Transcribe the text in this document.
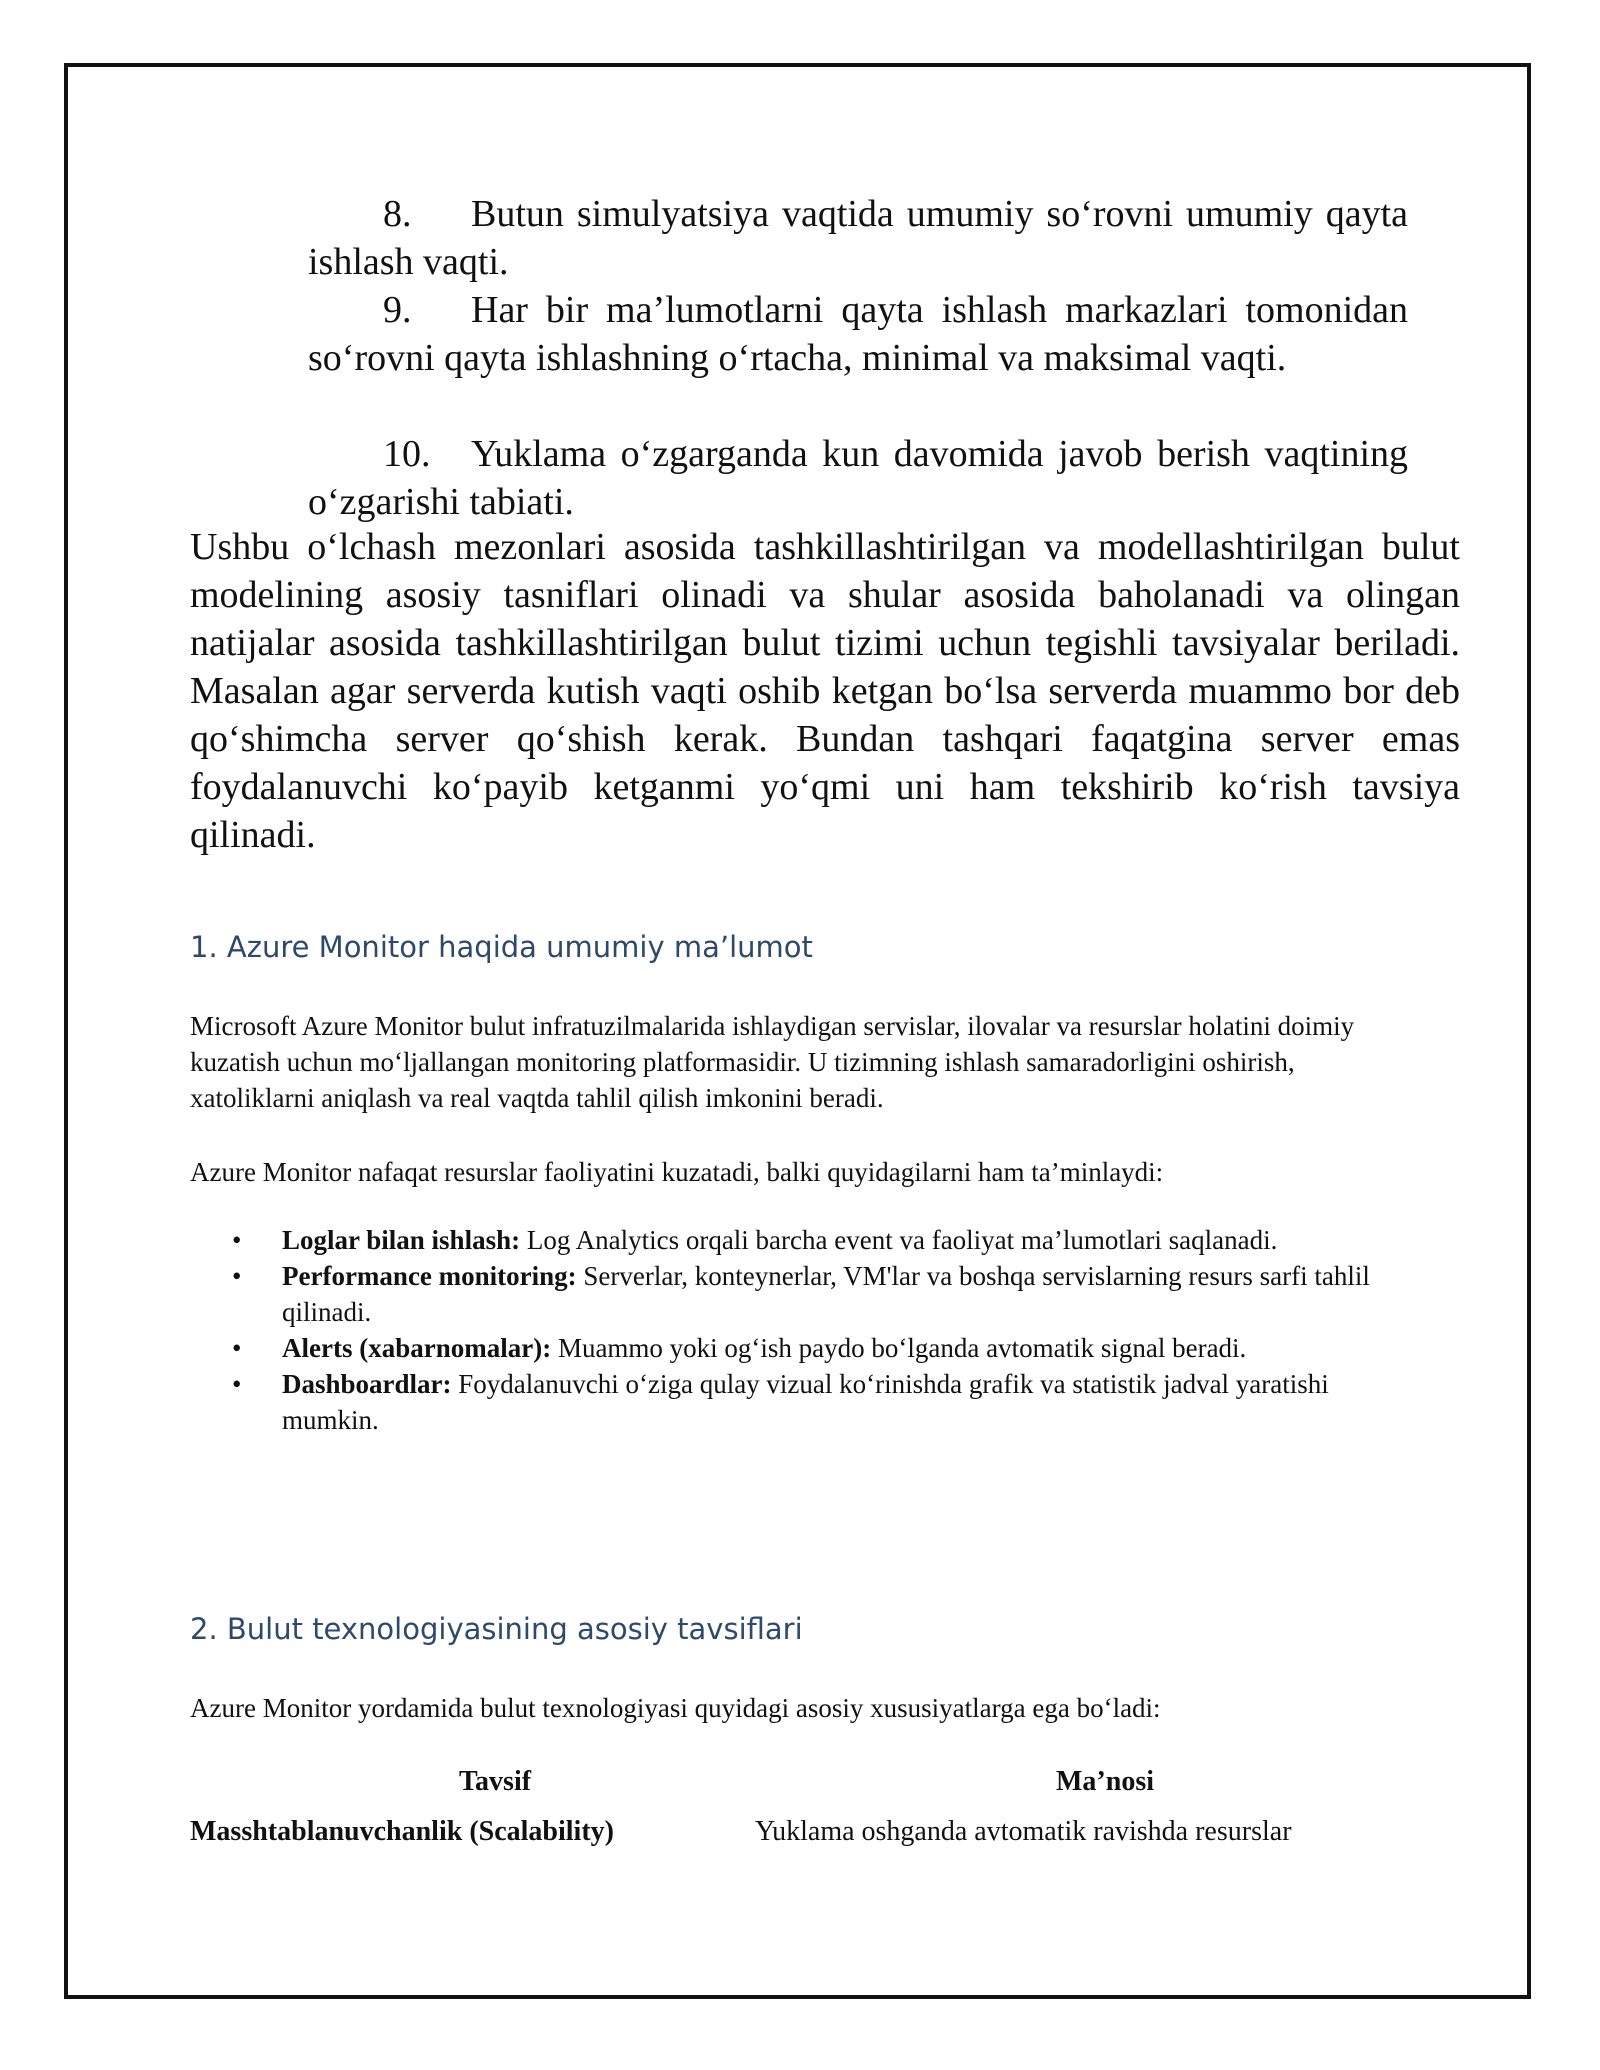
8. Butun simulyatsiya vaqtida umumiy so‘rovni umumiy qayta ishlash vaqti.
9. Har bir ma’lumotlarni qayta ishlash markazlari tomonidan so‘rovni qayta ishlashning o‘rtacha, minimal va maksimal vaqti.
10. Yuklama o‘zgarganda kun davomida javob berish vaqtining o‘zgarishi tabiati.
Ushbu o‘lchash mezonlari asosida tashkillashtirilgan va modellashtirilgan bulut modelining asosiy tasniflari olinadi va shular asosida baholanadi va olingan natijalar asosida tashkillashtirilgan bulut tizimi uchun tegishli tavsiyalar beriladi. Masalan agar serverda kutish vaqti oshib ketgan bo‘lsa serverda muammo bor deb qo‘shimcha server qo‘shish kerak. Bundan tashqari faqatgina server emas foydalanuvchi ko‘payib ketganmi yo‘qmi uni ham tekshirib ko‘rish tavsiya qilinadi.
1. Azure Monitor haqida umumiy ma’lumot
Microsoft Azure Monitor bulut infratuzilmalarida ishlaydigan servislar, ilovalar va resurslar holatini doimiy kuzatish uchun mo‘ljallangan monitoring platformasidir. U tizimning ishlash samaradorligini oshirish, xatoliklarni aniqlash va real vaqtda tahlil qilish imkonini beradi.
Azure Monitor nafaqat resurslar faoliyatini kuzatadi, balki quyidagilarni ham ta’minlaydi:
• Loglar bilan ishlash: Log Analytics orqali barcha event va faoliyat ma’lumotlari saqlanadi.
• Performance monitoring: Serverlar, konteynerlar, VM'lar va boshqa servislarning resurs sarfi tahlil qilinadi.
• Alerts (xabarnomalar): Muammo yoki og‘ish paydo bo‘lganda avtomatik signal beradi.
• Dashboardlar: Foydalanuvchi o‘ziga qulay vizual ko‘rinishda grafik va statistik jadval yaratishi mumkin.
2. Bulut texnologiyasining asosiy tavsiflari
Azure Monitor yordamida bulut texnologiyasi quyidagi asosiy xususiyatlarga ega bo‘ladi:
Tavsif	Ma’nosi
Masshtablanuvchanlik (Scalability)	Yuklama oshganda avtomatik ravishda resurslar
